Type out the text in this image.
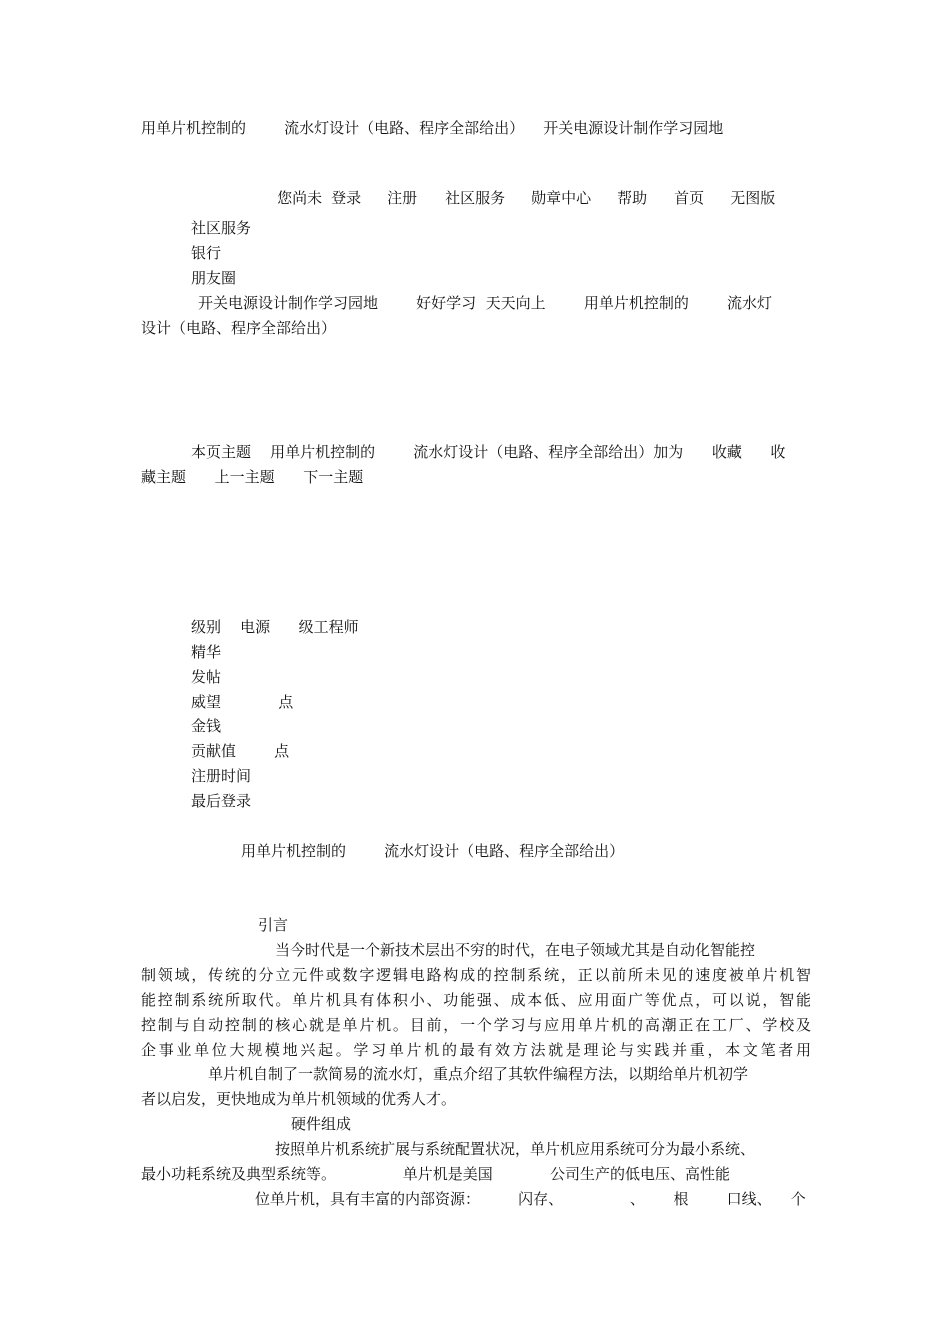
用单片机控制的        流水灯设计（电路、程序全部给出）    开关电源设计制作学习园地

您尚未 登录 注册 社区服务 勋章中心 帮助 首页 无图版

社区服务
银行
朋友圈
开关电源设计制作学习园地        好好学习  天天向上        用单片机控制的        流水灯
设计（电路、程序全部给出）
本页主题    用单片机控制的        流水灯设计（电路、程序全部给出）加为      收藏      收
藏主题      上一主题      下一主题
级别    电源      级工程师
精华
发帖
威望            点
金钱
贡献值        点
注册时间
最后登录
用单片机控制的        流水灯设计（电路、程序全部给出）
引言
当今时代是一个新技术层出不穷的时代，在电子领域尤其是自动化智能控
制领域，传统的分立元件或数字逻辑电路构成的控制系统，正以前所未见的速度被单片机智
能控制系统所取代。单片机具有体积小、功能强、成本低、应用面广等优点，可以说，智能
控制与自动控制的核心就是单片机。目前，一个学习与应用单片机的高潮正在工厂、学校及
企事业单位大规模地兴起。学习单片机的最有效方法就是理论与实践并重，本文笔者用
单片机自制了一款简易的流水灯，重点介绍了其软件编程方法，以期给单片机初学
者以启发，更快地成为单片机领域的优秀人才。
硬件组成
按照单片机系统扩展与系统配置状况，单片机应用系统可分为最小系统、
最小功耗系统及典型系统等。              单片机是美国            公司生产的低电压、高性能
位单片机，具有丰富的内部资源：        闪存、              、      根        口线、    个
